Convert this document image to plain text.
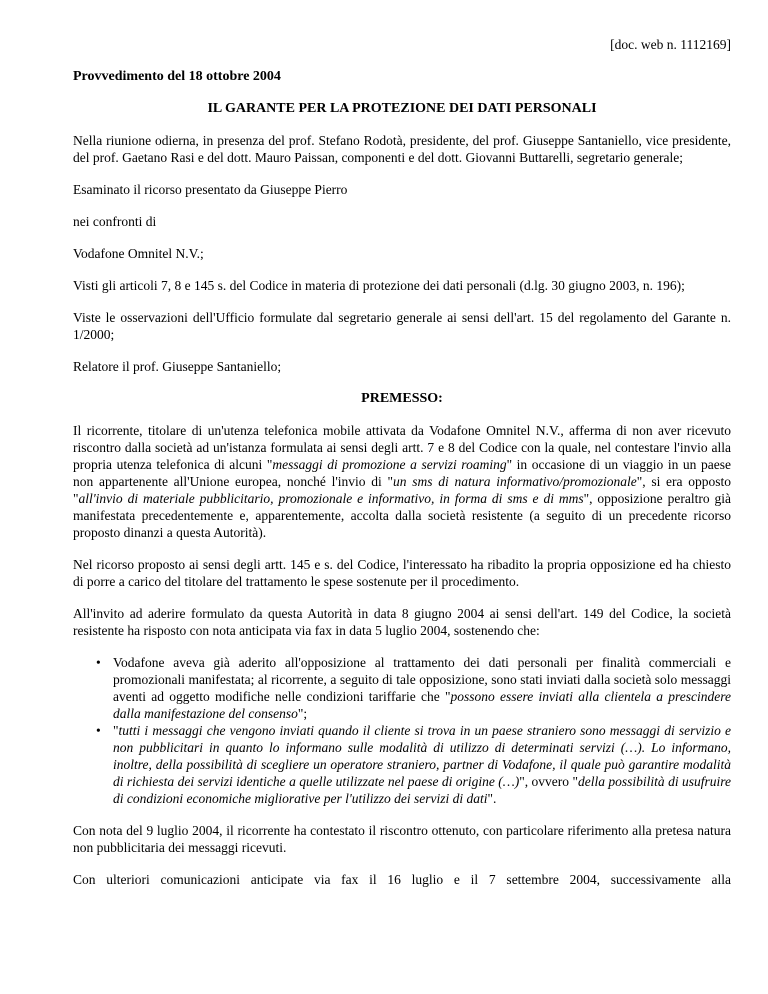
[doc. web n. 1112169]

Provvedimento del 18 ottobre 2004

IL GARANTE PER LA PROTEZIONE DEI DATI PERSONALI

Nella riunione odierna, in presenza del prof. Stefano Rodotà, presidente, del prof. Giuseppe Santaniello, vice presidente, del prof. Gaetano Rasi e del dott. Mauro Paissan, componenti e del dott. Giovanni Buttarelli, segretario generale;

Esaminato il ricorso presentato da Giuseppe Pierro

nei confronti di

Vodafone Omnitel N.V.;

Visti gli articoli 7, 8 e 145 s. del Codice in materia di protezione dei dati personali (d.lg. 30 giugno 2003, n. 196);

Viste le osservazioni dell'Ufficio formulate dal segretario generale ai sensi dell'art. 15 del regolamento del Garante n. 1/2000;

Relatore il prof. Giuseppe Santaniello;

PREMESSO:

Il ricorrente, titolare di un'utenza telefonica mobile attivata da Vodafone Omnitel N.V., afferma di non aver ricevuto riscontro dalla società ad un'istanza formulata ai sensi degli artt. 7 e 8 del Codice con la quale, nel contestare l'invio alla propria utenza telefonica di alcuni "messaggi di promozione a servizi roaming" in occasione di un viaggio in un paese non appartenente all'Unione europea, nonché l'invio di "un sms di natura informativo/promozionale", si era opposto "all'invio di materiale pubblicitario, promozionale e informativo, in forma di sms e di mms", opposizione peraltro già manifestata precedentemente e, apparentemente, accolta dalla società resistente (a seguito di un precedente ricorso proposto dinanzi a questa Autorità).

Nel ricorso proposto ai sensi degli artt. 145 e s. del Codice, l'interessato ha ribadito la propria opposizione ed ha chiesto di porre a carico del titolare del trattamento le spese sostenute per il procedimento.

All'invito ad aderire formulato da questa Autorità in data 8 giugno 2004 ai sensi dell'art. 149 del Codice, la società resistente ha risposto con nota anticipata via fax in data 5 luglio 2004, sostenendo che:

• Vodafone aveva già aderito all'opposizione al trattamento dei dati personali per finalità commerciali e promozionali manifestata; al ricorrente, a seguito di tale opposizione, sono stati inviati dalla società solo messaggi aventi ad oggetto modifiche nelle condizioni tariffarie che "possono essere inviati alla clientela a prescindere dalla manifestazione del consenso";
• "tutti i messaggi che vengono inviati quando il cliente si trova in un paese straniero sono messaggi di servizio e non pubblicitari in quanto lo informano sulle modalità di utilizzo di determinati servizi (…). Lo informano, inoltre, della possibilità di scegliere un operatore straniero, partner di Vodafone, il quale può garantire modalità di richiesta dei servizi identiche a quelle utilizzate nel paese di origine (…)", ovvero "della possibilità di usufruire di condizioni economiche migliorative per l'utilizzo dei servizi di dati".

Con nota del 9 luglio 2004, il ricorrente ha contestato il riscontro ottenuto, con particolare riferimento alla pretesa natura non pubblicitaria dei messaggi ricevuti.

Con ulteriori comunicazioni anticipate via fax il 16 luglio e il 7 settembre 2004, successivamente alla
